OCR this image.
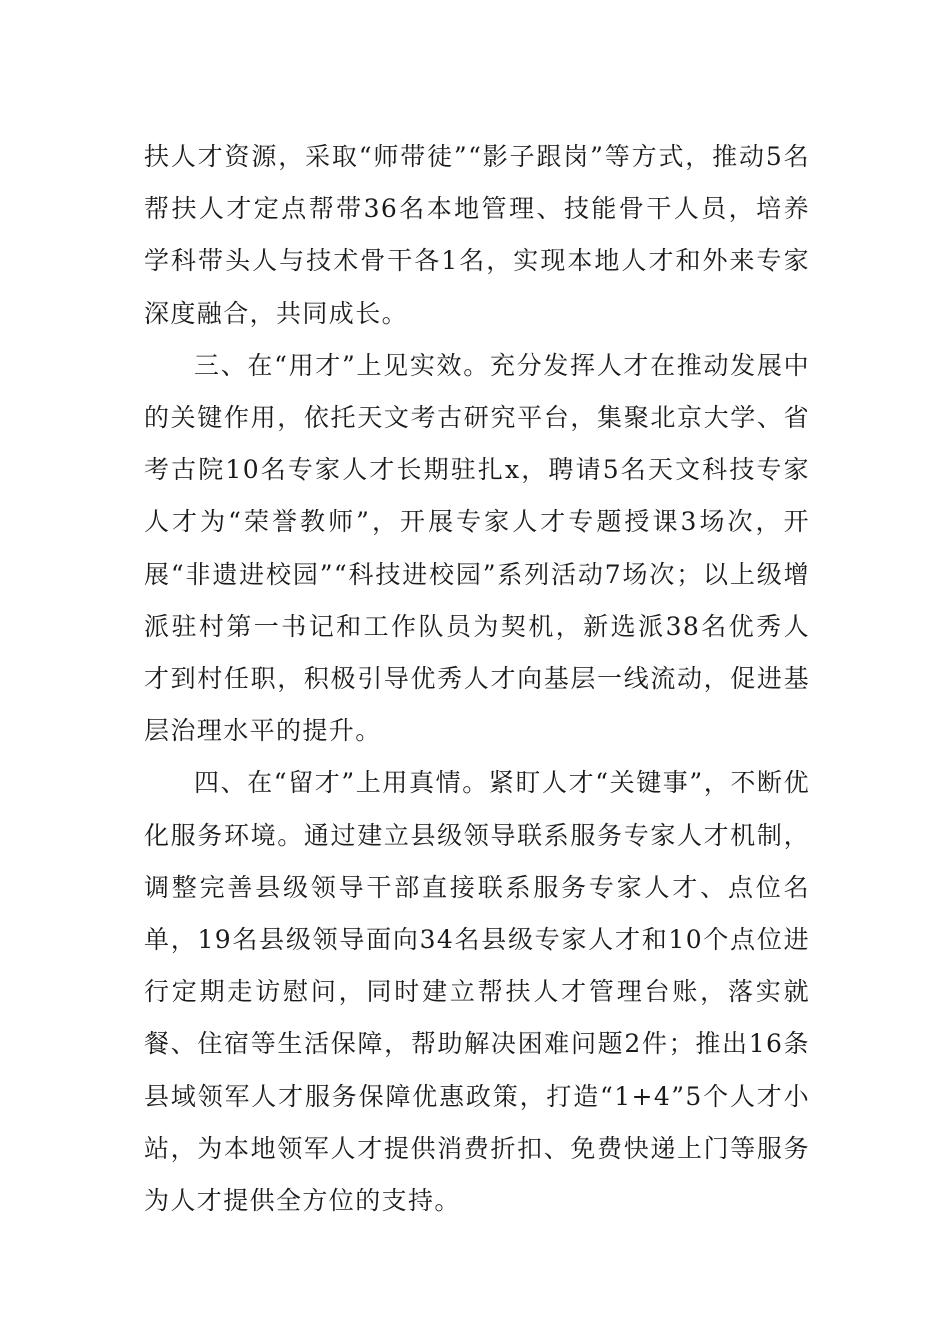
扶人才资源，采取“师带徒”“影子跟岗”等方式，推动5名帮扶人才定点帮带36名本地管理、技能骨干人员，培养学科带头人与技术骨干各1名，实现本地人才和外来专家深度融合，共同成长。

三、在“用才”上见实效。充分发挥人才在推动发展中的关键作用，依托天文考古研究平台，集聚北京大学、省考古院10名专家人才长期驻扎x，聘请5名天文科技专家人才为“荣誉教师”，开展专家人才专题授课3场次，开展“非遗进校园”“科技进校园”系列活动7场次；以上级增派驻村第一书记和工作队员为契机，新选派38名优秀人才到村任职，积极引导优秀人才向基层一线流动，促进基层治理水平的提升。

四、在“留才”上用真情。紧盯人才“关键事”，不断优化服务环境。通过建立县级领导联系服务专家人才机制，调整完善县级领导干部直接联系服务专家人才、点位名单，19名县级领导面向34名县级专家人才和10个点位进行定期走访慰问，同时建立帮扶人才管理台账，落实就餐、住宿等生活保障，帮助解决困难问题2件；推出16条县域领军人才服务保障优惠政策，打造“1+4”5个人才小站，为本地领军人才提供消费折扣、免费快递上门等服务为人才提供全方位的支持。
